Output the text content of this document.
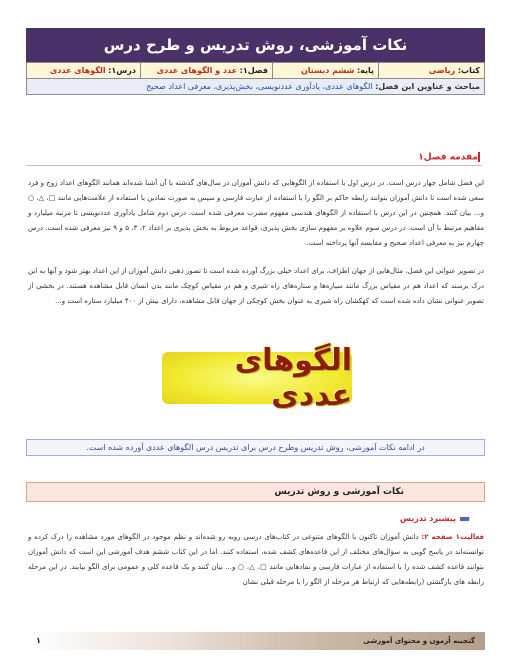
نکات آموزشی، روش تدریس و طرح درس
کتاب: ریاضی	پایه: ششم دبستان	فصل۱: عدد و الگوهای عددی	درس۱: الگوهای عددی
مباحث و عناوین این فصل: الگوهای عددی، یادآوری عددنویسی، بخش‌پذیری، معرفی اعداد صحیح
مقدمه فصل۱

این فصل شامل چهار درس است. در درس اول با استفاده از الگوهایی که دانش آموزان در سال‌های گذشته با آن آشنا شده‌اند همانند الگوهای اعداد زوج و فرد سعی شده است تا دانش آموزان بتوانند رابطه حاکم بر الگو را با استفاده از عبارت فارسی و سپس به صورت نمادین با استفاده از علامت‌هایی مانند □، △، ○ و... بیان کنند. همچنین در این درس با استفاده از الگوهای هندسی مفهوم مضرب معرفی شده است. درس دوم شامل یادآوری عددنویسی تا مرتبه میلیارد و مفاهیم مرتبط با آن است. در درس سوم علاوه بر مفهوم سازی بخش پذیری، قواعد مربوط به بخش پذیری بر اعداد ۲، ۳، ۵ و ۹ نیز معرفی شده است. درس چهارم نیز به معرفی اعداد صحیح و مقایسه آنها پرداخته است.

در تصویر عنوانی این فصل، مثال‌هایی از جهان اطراف، برای اعداد خیلی بزرگ آورده شده است تا تصور ذهنی دانش آموزان از این اعداد بهتر شود و آنها به این درک برسند که اعداد هم در مقیاس بزرگ مانند سیاره‌ها و ستاره‌های راه شیری و هم در مقیاس کوچک مانند بدن انسان قابل مشاهده هستند. در بخشی از تصویر عنوانی نشان داده شده است که کهکشان راه شیری به عنوان بخش کوچکی از جهان قابل مشاهده، دارای بیش از ۴۰۰ میلیارد ستاره است و...

الگوهای عددی
در ادامه نکات آموزشی، روش تدریس وطرح درس برای تدریس درس الگوهای عددی آورده شده است.
نکات آموزشی و روش تدریس
پیشبرد تدریس

فعالیت۱ صفحه ۲: دانش آموزان تاکنون با الگوهای متنوعی در کتاب‌های درسی روبه رو شده‌اند و نظم موجود در الگوهای مورد مشاهده را درک کرده و توانسته‌اند در پاسخ گویی به سؤال‌های مختلف از این قاعده‌های کشف شده، استفاده کنند. اما در این کتاب ششم هدف آموزشی این است که دانش آموزان بتوانند قاعده کشف شده را با استفاده از عبارات فارسی و نمادهایی مانند □، △، ○ و... بیان کنند و یک قاعده کلی و عمومی برای الگو بیابند. در این مرحله رابطه های بازگشتی (رابطه‌هایی که ارتباط هر مرحله از الگو را با مرحله قبلی نشان

گنجینه آزمون و محتوای آموزشی
۱
